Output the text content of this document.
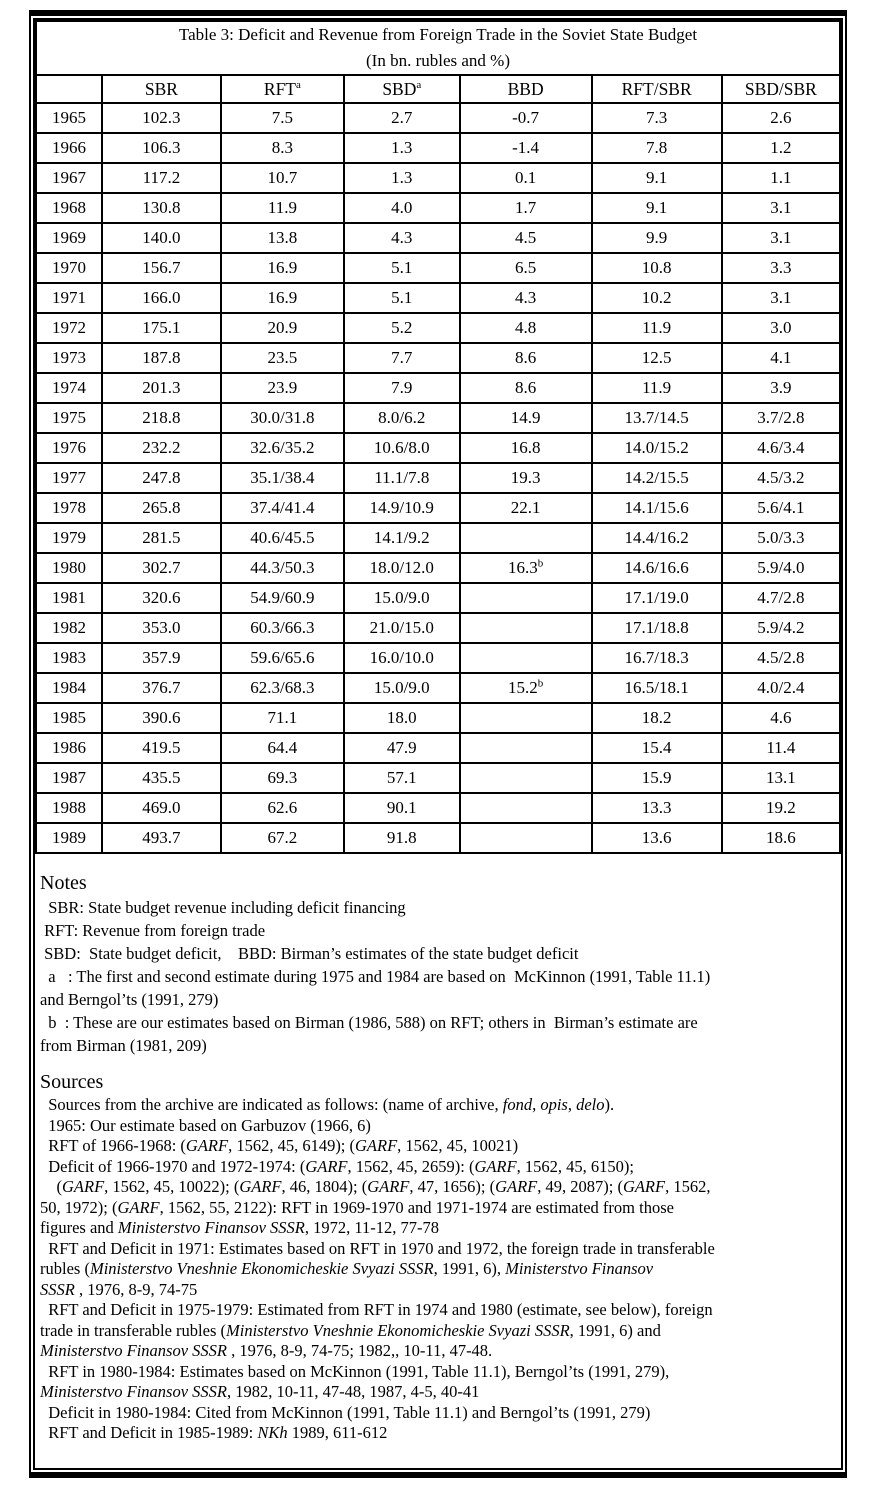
Table 3: Deficit and Revenue from Foreign Trade in the Soviet State Budget
(In bn. rubles and %)						

	SBR	RFT$^a$	SBD$^a$	BBD	RFT/SBR	SBD/SBR
1965	102.3	7.5	2.7	-0.7	7.3	2.6
1966	106.3	8.3	1.3	-1.4	7.8	1.2
1967	117.2	10.7	1.3	0.1	9.1	1.1
1968	130.8	11.9	4.0	1.7	9.1	3.1
1969	140.0	13.8	4.3	4.5	9.9	3.1
1970	156.7	16.9	5.1	6.5	10.8	3.3
1971	166.0	16.9	5.1	4.3	10.2	3.1
1972	175.1	20.9	5.2	4.8	11.9	3.0
1973	187.8	23.5	7.7	8.6	12.5	4.1
1974	201.3	23.9	7.9	8.6	11.9	3.9
1975	218.8	30.0/31.8	8.0/6.2	14.9	13.7/14.5	3.7/2.8
1976	232.2	32.6/35.2	10.6/8.0	16.8	14.0/15.2	4.6/3.4
1977	247.8	35.1/38.4	11.1/7.8	19.3	14.2/15.5	4.5/3.2
1978	265.8	37.4/41.4	14.9/10.9	22.1	14.1/15.6	5.6/4.1
1979	281.5	40.6/45.5	14.1/9.2		14.4/16.2	5.0/3.3
1980	302.7	44.3/50.3	18.0/12.0	16.3$^b$	14.6/16.6	5.9/4.0
1981	320.6	54.9/60.9	15.0/9.0		17.1/19.0	4.7/2.8
1982	353.0	60.3/66.3	21.0/15.0		17.1/18.8	5.9/4.2
1983	357.9	59.6/65.6	16.0/10.0		16.7/18.3	4.5/2.8
1984	376.7	62.3/68.3	15.0/9.0	15.2$^b$	16.5/18.1	4.0/2.4
1985	390.6	71.1	18.0		18.2	4.6
1986	419.5	64.4	47.9		15.4	11.4
1987	435.5	69.3	57.1		15.9	13.1
1988	469.0	62.6	90.1		13.3	19.2
1989	493.7	67.2	91.8		13.6	18.6
Notes
SBR: State budget revenue including deficit financing
RFT: Revenue from foreign trade
SBD:  State budget deficit,    BBD: Birman’s estimates of the state budget deficit
a   : The first and second estimate during 1975 and 1984 are based on  McKinnon (1991, Table 11.1)
and Berngol’ts (1991, 279)
b  : These are our estimates based on Birman (1986, 588) on RFT; others in  Birman’s estimate are
from Birman (1981, 209)
Sources
Sources from the archive are indicated as follows: (name of archive, fond, opis, delo).
1965: Our estimate based on Garbuzov (1966, 6)
RFT of 1966-1968: (GARF, 1562, 45, 6149); (GARF, 1562, 45, 10021)
Deficit of 1966-1970 and 1972-1974: (GARF, 1562, 45, 2659): (GARF, 1562, 45, 6150);
(GARF, 1562, 45, 10022); (GARF, 46, 1804); (GARF, 47, 1656); (GARF, 49, 2087); (GARF, 1562,
50, 1972); (GARF, 1562, 55, 2122): RFT in 1969-1970 and 1971-1974 are estimated from those
figures and Ministerstvo Finansov SSSR, 1972, 11-12, 77-78
RFT and Deficit in 1971: Estimates based on RFT in 1970 and 1972, the foreign trade in transferable
rubles (Ministerstvo Vneshnie Ekonomicheskie Svyazi SSSR, 1991, 6), Ministerstvo Finansov
SSSR , 1976, 8-9, 74-75
RFT and Deficit in 1975-1979: Estimated from RFT in 1974 and 1980 (estimate, see below), foreign
trade in transferable rubles (Ministerstvo Vneshnie Ekonomicheskie Svyazi SSSR, 1991, 6) and
Ministerstvo Finansov SSSR , 1976, 8-9, 74-75; 1982,, 10-11, 47-48.
RFT in 1980-1984: Estimates based on McKinnon (1991, Table 11.1), Berngol’ts (1991, 279),
Ministerstvo Finansov SSSR, 1982, 10-11, 47-48, 1987, 4-5, 40-41
Deficit in 1980-1984: Cited from McKinnon (1991, Table 11.1) and Berngol’ts (1991, 279)
RFT and Deficit in 1985-1989: NKh 1989, 611-612
